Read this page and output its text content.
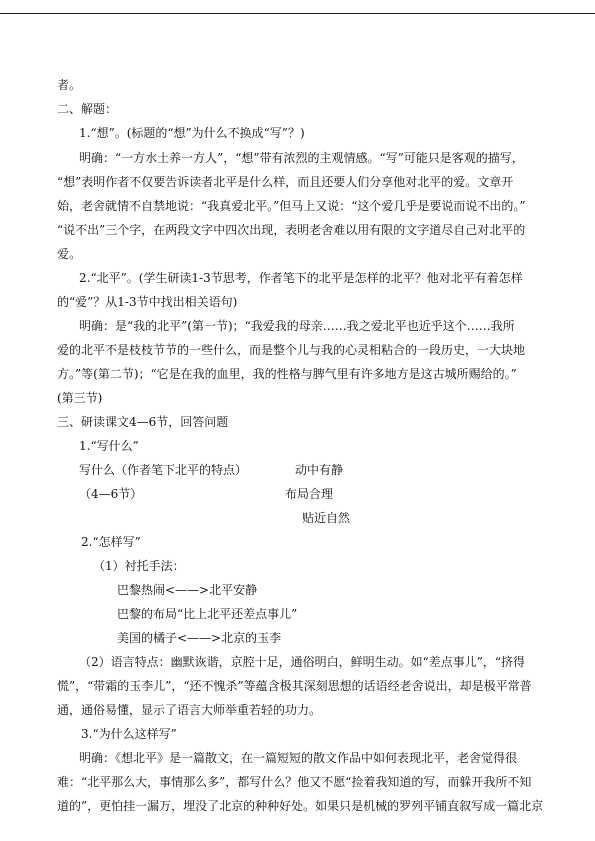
者。
二、解题：
1.“想”。(标题的“想”为什么不换成“写”？)
明确：“一方水土养一方人”，“想”带有浓烈的主观情感。“写”可能只是客观的描写，
“想”表明作者不仅要告诉读者北平是什么样，而且还要人们分享他对北平的爱。文章开
始，老舍就情不自禁地说：“我真爱北平。”但马上又说：“这个爱几乎是要说而说不出的。”
“说不出”三个字，在两段文字中四次出现，表明老舍难以用有限的文字道尽自己对北平的
爱。
2.“北平”。(学生研读1-3节思考，作者笔下的北平是怎样的北平？他对北平有着怎样
的“爱”？从1-3节中找出相关语句)
明确：是“我的北平”(第一节)；“我爱我的母亲……我之爱北平也近乎这个……我所
爱的北平不是枝枝节节的一些什么，而是整个儿与我的心灵相粘合的一段历史，一大块地
方。”等(第二节)；“它是在我的血里，我的性格与脾气里有许多地方是这古城所赐给的。”
(第三节)
三、研读课文4—6节，回答问题
1.“写什么”
写什么（作者笔下北平的特点）	动中有静
（4—6节）	布局合理
贴近自然
2.“怎样写”
（1）衬托手法：
巴黎热闹<——>北平安静
巴黎的布局“比上北平还差点事儿”
美国的橘子<——>北京的玉李
（2）语言特点：幽默诙谐，京腔十足，通俗明白，鲜明生动。如“差点事儿”，“挤得
慌”，“带霜的玉李儿”，“还不愧杀”等蕴含极其深刻思想的话语经老舍说出，却是极平常普
通，通俗易懂，显示了语言大师举重若轻的功力。
3.“为什么这样写”
明确：《想北平》是一篇散文，在一篇短短的散文作品中如何表现北平，老舍觉得很
难：“北平那么大，事情那么多”，都写什么？他又不愿“捡着我知道的写，而躲开我所不知
道的”，更怕挂一漏万，埋没了北京的种种好处。如果只是机械的罗列平铺直叙写成一篇北京
